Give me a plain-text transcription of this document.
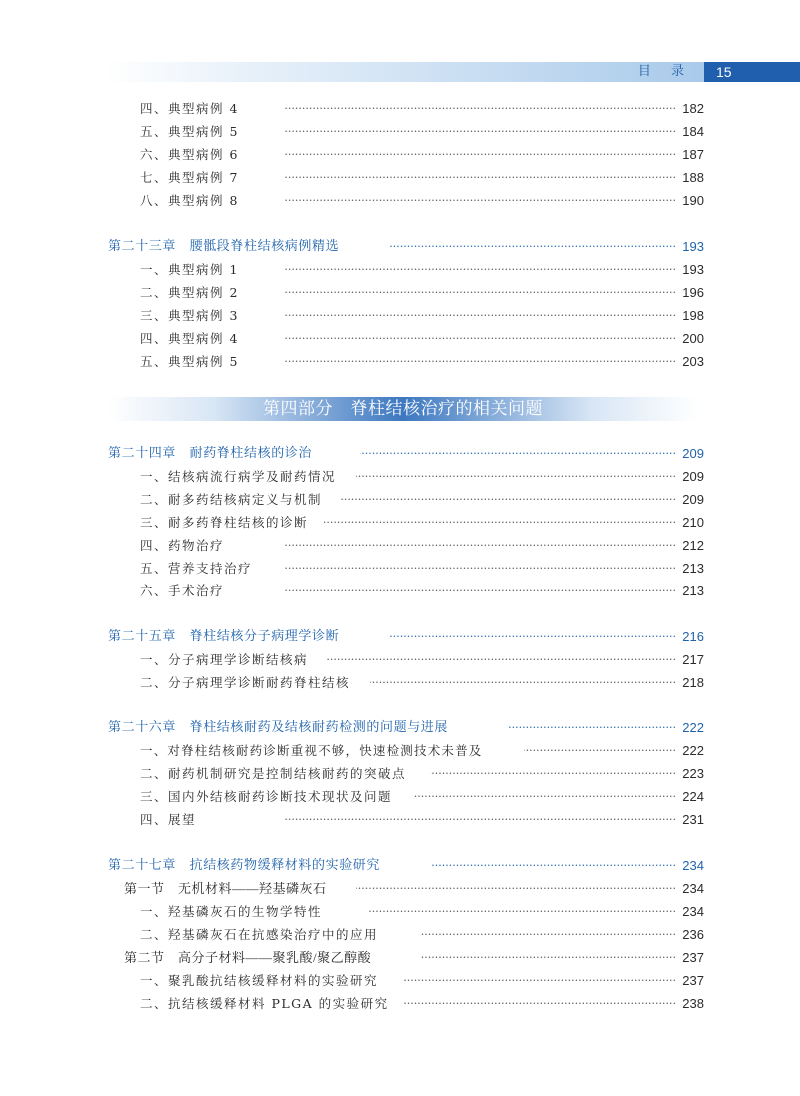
目 录	15
四、典型病例 4 ·····	182
五、典型病例 5 ·····	184
六、典型病例 6 ·····	187
七、典型病例 7 ·····	188
八、典型病例 8 ·····	190
第二十三章　腰骶段脊柱结核病例精选 ·····	193
一、典型病例 1 ·····	193
二、典型病例 2 ·····	196
三、典型病例 3 ·····	198
四、典型病例 4 ·····	200
五、典型病例 5 ·····	203
第四部分　脊柱结核治疗的相关问题
第二十四章　耐药脊柱结核的诊治 ·····	209
一、结核病流行病学及耐药情况 ·····	209
二、耐多药结核病定义与机制 ·····	209
三、耐多药脊柱结核的诊断 ·····	210
四、药物治疗 ·····	212
五、营养支持治疗 ·····	213
六、手术治疗 ·····	213
第二十五章　脊柱结核分子病理学诊断 ·····	216
一、分子病理学诊断结核病 ·····	217
二、分子病理学诊断耐药脊柱结核 ·····	218
第二十六章　脊柱结核耐药及结核耐药检测的问题与进展 ·····	222
一、对脊柱结核耐药诊断重视不够，快速检测技术未普及 ·····	222
二、耐药机制研究是控制结核耐药的突破点 ·····	223
三、国内外结核耐药诊断技术现状及问题 ·····	224
四、展望 ·····	231
第二十七章　抗结核药物缓释材料的实验研究 ·····	234
第一节　无机材料——羟基磷灰石 ·····	234
一、羟基磷灰石的生物学特性 ·····	234
二、羟基磷灰石在抗感染治疗中的应用 ·····	236
第二节　高分子材料——聚乳酸/聚乙醇酸 ·····	237
一、聚乳酸抗结核缓释材料的实验研究 ·····	237
二、抗结核缓释材料 PLGA 的实验研究 ·····	238
